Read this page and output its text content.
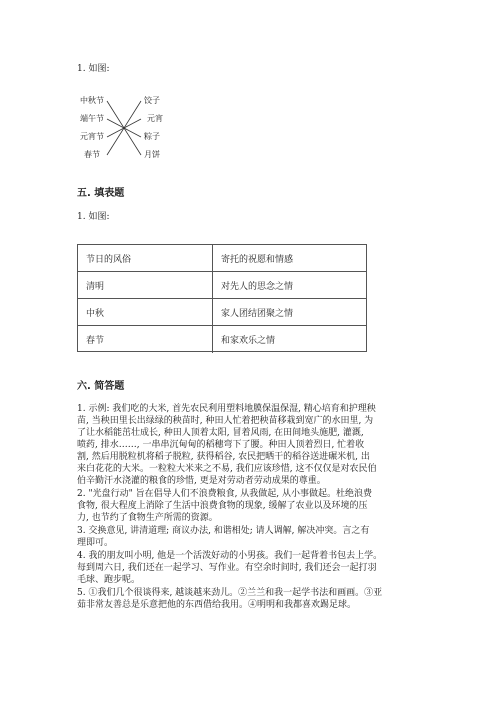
1. 如图:
中秋节
端午节
元宵节
春节
饺子
元宵
粽子
月饼
五. 填表题
1. 如图:
节日的风俗	寄托的祝愿和情感
清明	对先人的思念之情
中秋	家人团结团聚之情
春节	和家欢乐之情
六. 简答题
1. 示例: 我们吃的大米, 首先农民利用塑料地膜保温保湿, 精心培育和护理秧
苗, 当秧田里长出绿绿的秧苗时, 种田人忙着把秧苗移栽到宽广的水田里, 为
了让水稻能茁壮成长, 种田人顶着太阳, 冒着风雨, 在田间地头施肥, 灌溉,
喷药, 排水……, 一串串沉甸甸的稻穗弯下了腰。种田人顶着烈日, 忙着收
割, 然后用脱粒机将稻子脱粒, 获得稻谷, 农民把晒干的稻谷送进碾米机, 出
来白花花的大米。一粒粒大米来之不易, 我们应该珍惜, 这不仅仅是对农民伯
伯辛勤汗水浇灌的粮食的珍惜, 更是对劳动者劳动成果的尊重。
2. "光盘行动" 旨在倡导人们不浪费粮食, 从我做起, 从小事做起。杜绝浪费
食物, 很大程度上消除了生活中浪费食物的现象, 缓解了农业以及环境的压
力, 也节约了食物生产所需的资源。
3. 交换意见, 讲清道理; 商议办法, 和谐相处; 请人调解, 解决冲突。言之有
理即可。
4. 我的朋友叫小明, 他是一个活泼好动的小男孩。我们一起背着书包去上学。
每到周六日, 我们还在一起学习、写作业。有空余时间时, 我们还会一起打羽
毛球、跑步呢。
5. ①我们几个很谈得来, 越谈越来劲儿。②兰兰和我一起学书法和画画。③亚
茹非常友善总是乐意把他的东西借给我用。④明明和我都喜欢踢足球。
